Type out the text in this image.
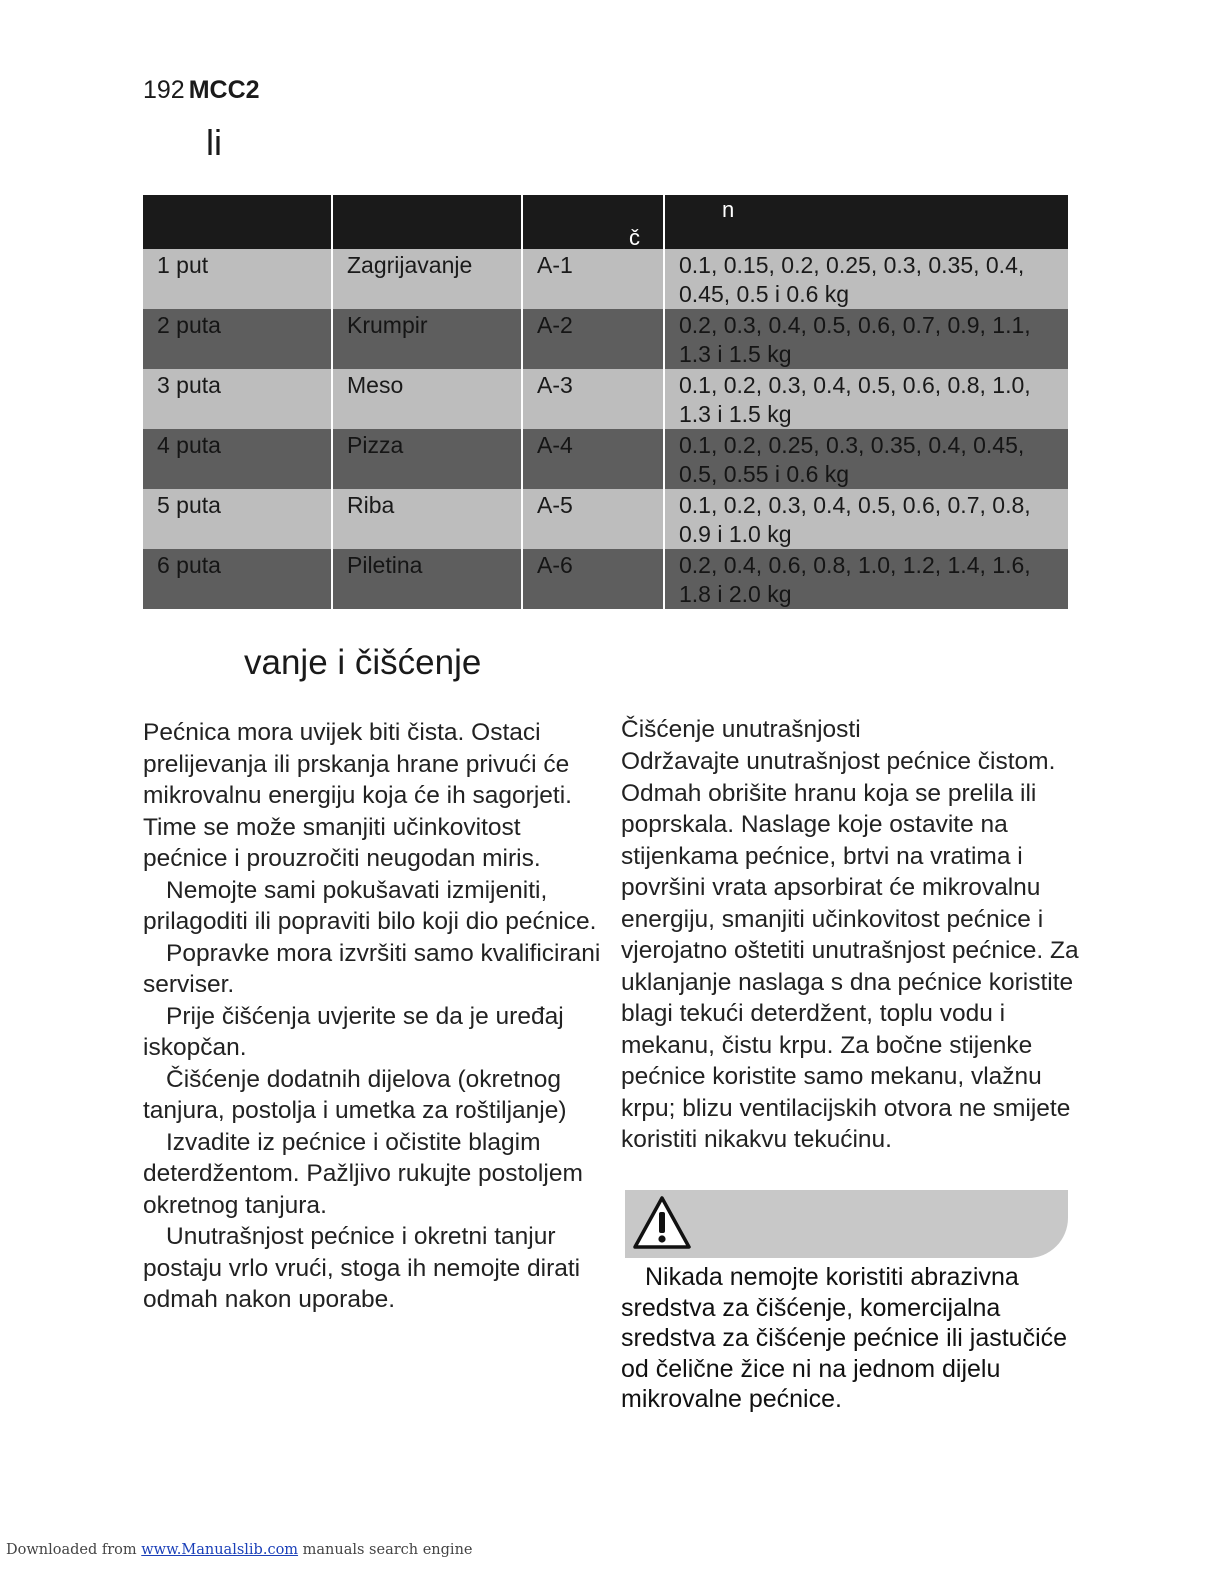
192 MCC2
li

		č	n

1 put	Zagrijavanje	A-1	0.1, 0.15, 0.2, 0.25, 0.3, 0.35, 0.4, 0.45, 0.5 i 0.6 kg
2 puta	Krumpir	A-2	0.2, 0.3, 0.4, 0.5, 0.6, 0.7, 0.9, 1.1, 1.3 i 1.5 kg
3 puta	Meso	A-3	0.1, 0.2, 0.3, 0.4, 0.5, 0.6, 0.8, 1.0, 1.3 i 1.5 kg
4 puta	Pizza	A-4	0.1, 0.2, 0.25, 0.3, 0.35, 0.4, 0.45, 0.5, 0.55 i 0.6 kg
5 puta	Riba	A-5	0.1, 0.2, 0.3, 0.4, 0.5, 0.6, 0.7, 0.8, 0.9 i 1.0 kg
6 puta	Piletina	A-6	0.2, 0.4, 0.6, 0.8, 1.0, 1.2, 1.4, 1.6, 1.8 i 2.0 kg
vanje i čišćenje

Pećnica mora uvijek biti čista. Ostaci prelijevanja ili prskanja hrane privući će mikrovalnu energiju koja će ih sagorjeti. Time se može smanjiti učinkovitost pećnice i prouzročiti neugodan miris.

Nemojte sami pokušavati izmijeniti, prilagoditi ili popraviti bilo koji dio pećnice.

Popravke mora izvršiti samo kvalificirani serviser.

Prije čišćenja uvjerite se da je uređaj iskopčan.

Čišćenje dodatnih dijelova (okretnog tanjura, postolja i umetka za roštiljanje)

Izvadite iz pećnice i očistite blagim deterdžentom. Pažljivo rukujte postoljem okretnog tanjura.

Unutrašnjost pećnice i okretni tanjur postaju vrlo vrući, stoga ih nemojte dirati odmah nakon uporabe.

Čišćenje unutrašnjosti

Održavajte unutrašnjost pećnice čistom. Odmah obrišite hranu koja se prelila ili poprskala. Naslage koje ostavite na stijenkama pećnice, brtvi na vratima i površini vrata apsorbirat će mikrovalnu energiju, smanjiti učinkovitost pećnice i vjerojatno oštetiti unutrašnjost pećnice. Za uklanjanje naslaga s dna pećnice koristite blagi tekući deterdžent, toplu vodu i mekanu, čistu krpu. Za bočne stijenke pećnice koristite samo mekanu, vlažnu krpu; blizu ventilacijskih otvora ne smijete koristiti nikakvu tekućinu.

Nikada nemojte koristiti abrazivna sredstva za čišćenje, komercijalna sredstva za čišćenje pećnice ili jastučiće od čelične žice ni na jednom dijelu mikrovalne pećnice.
Downloaded from www.Manualslib.com manuals search engine
